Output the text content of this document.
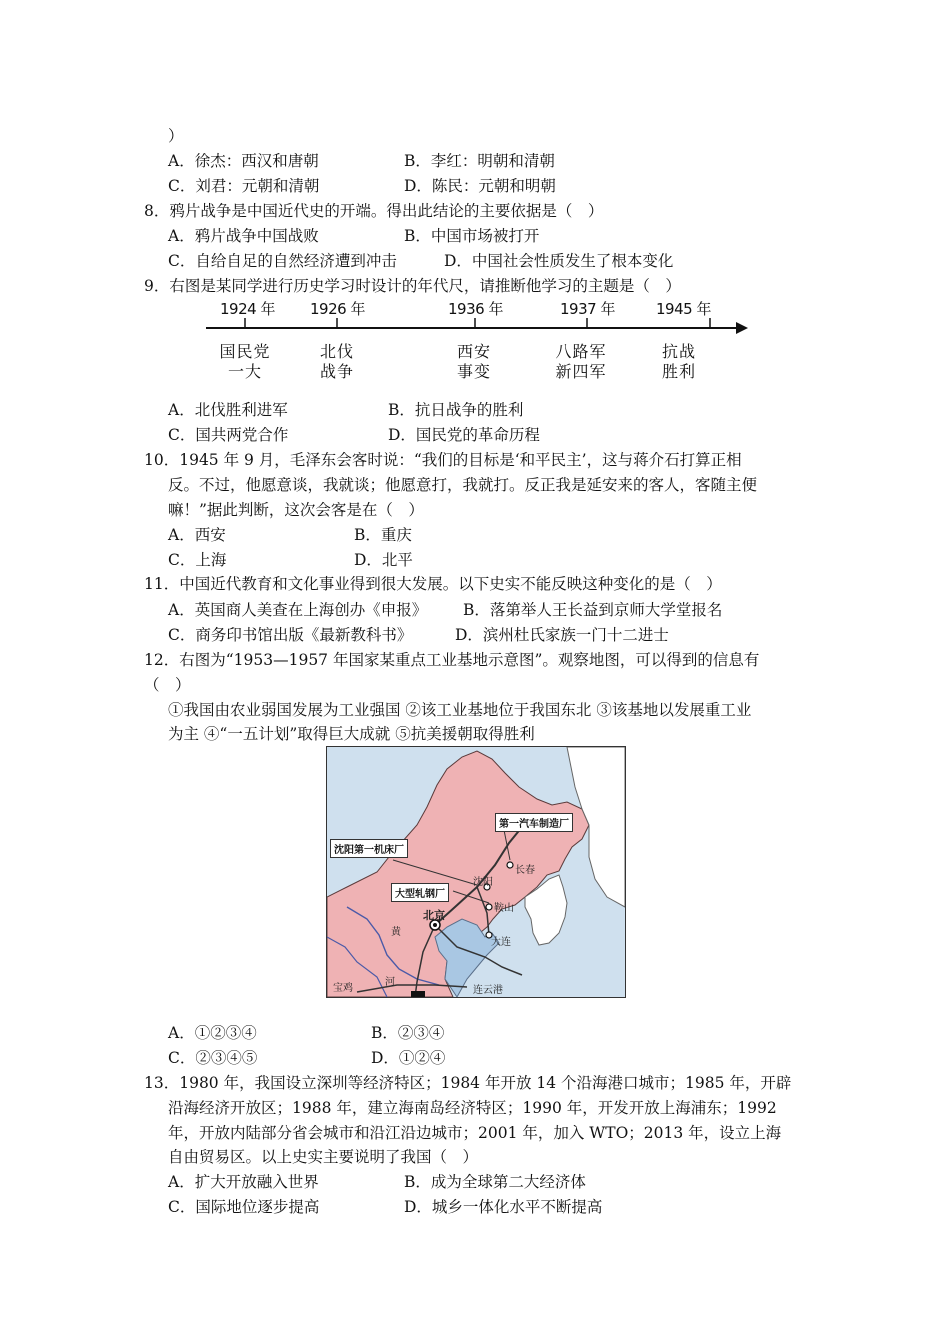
）
A．徐杰：西汉和唐朝	B．李红：明朝和清朝
C．刘君：元朝和清朝	D．陈民：元朝和明朝
8．鸦片战争是中国近代史的开端。得出此结论的主要依据是（　）
A．鸦片战争中国战败	B．中国市场被打开
C．自给自足的自然经济遭到冲击	D．中国社会性质发生了根本变化
9．右图是某同学进行历史学习时设计的年代尺，请推断他学习的主题是（　）
1924 年 1926 年	1936 年	1937 年	1945 年
国民党
一大
北伐
战争
西安
事变
八路军
新四军
抗战
胜利
A．北伐胜利进军	B．抗日战争的胜利
C．国共两党合作	D．国民党的革命历程
10．1945 年 9 月，毛泽东会客时说：“我们的目标是‘和平民主’，这与蒋介石打算正相
反。不过，他愿意谈，我就谈；他愿意打，我就打。反正我是延安来的客人，客随主便
嘛！”据此判断，这次会客是在（　）
A．西安	B．重庆
C．上海	D．北平
11．中国近代教育和文化事业得到很大发展。以下史实不能反映这种变化的是（　）
A．英国商人美查在上海创办《申报》 B．落第举人王长益到京师大学堂报名
C．商务印书馆出版《最新教科书》	D．滨州杜氏家族一门十二进士
12．右图为“1953—1957 年国家某重点工业基地示意图”。观察地图，可以得到的信息有
（　）
①我国由农业弱国发展为工业强国 ②该工业基地位于我国东北 ③该基地以发展重工业
为主 ④“一五计划”取得巨大成就 ⑤抗美援朝取得胜利
第一汽车制造厂
沈阳第一机床厂
大型轧钢厂
长春
沈阳
鞍山
北京
大连
黄
河
宝鸡	连云港
A．①②③④	B．②③④
C．②③④⑤	D．①②④
13．1980 年，我国设立深圳等经济特区；1984 年开放 14 个沿海港口城市；1985 年，开辟
沿海经济开放区；1988 年，建立海南岛经济特区；1990 年，开发开放上海浦东；1992
年，开放内陆部分省会城市和沿江沿边城市；2001 年，加入 WTO；2013 年，设立上海
自由贸易区。以上史实主要说明了我国（　）
A．扩大开放融入世界	B．成为全球第二大经济体
C．国际地位逐步提高	D．城乡一体化水平不断提高
